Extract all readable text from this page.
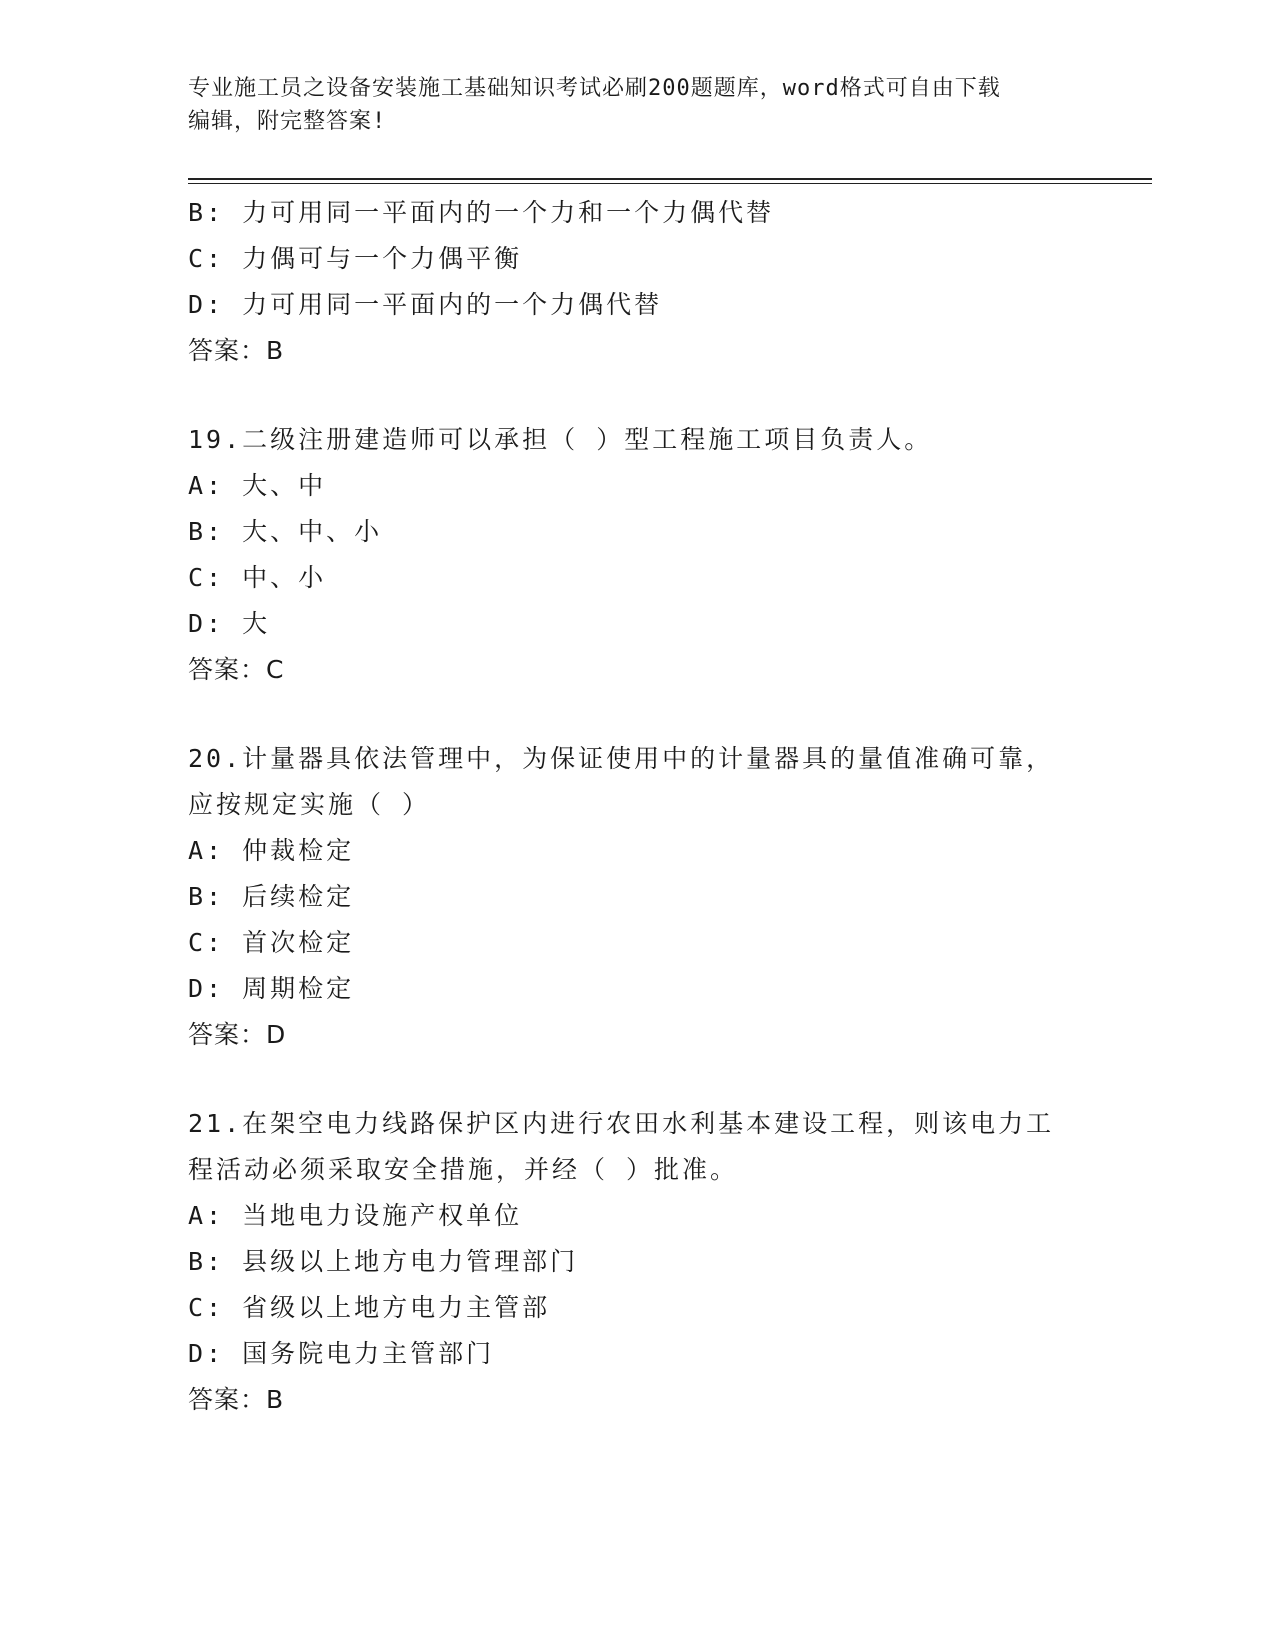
专业施工员之设备安装施工基础知识考试必刷200题题库，word格式可自由下载
编辑，附完整答案!
B: 力可用同一平面内的一个力和一个力偶代替
C: 力偶可与一个力偶平衡
D: 力可用同一平面内的一个力偶代替
答案：B
19.二级注册建造师可以承担（ ）型工程施工项目负责人。
A: 大、中
B: 大、中、小
C: 中、小
D: 大
答案：C
20.计量器具依法管理中，为保证使用中的计量器具的量值准确可靠，
应按规定实施（ ）
A: 仲裁检定
B: 后续检定
C: 首次检定
D: 周期检定
答案：D
21.在架空电力线路保护区内进行农田水利基本建设工程，则该电力工
程活动必须采取安全措施，并经（ ）批准。
A: 当地电力设施产权单位
B: 县级以上地方电力管理部门
C: 省级以上地方电力主管部
D: 国务院电力主管部门
答案：B
